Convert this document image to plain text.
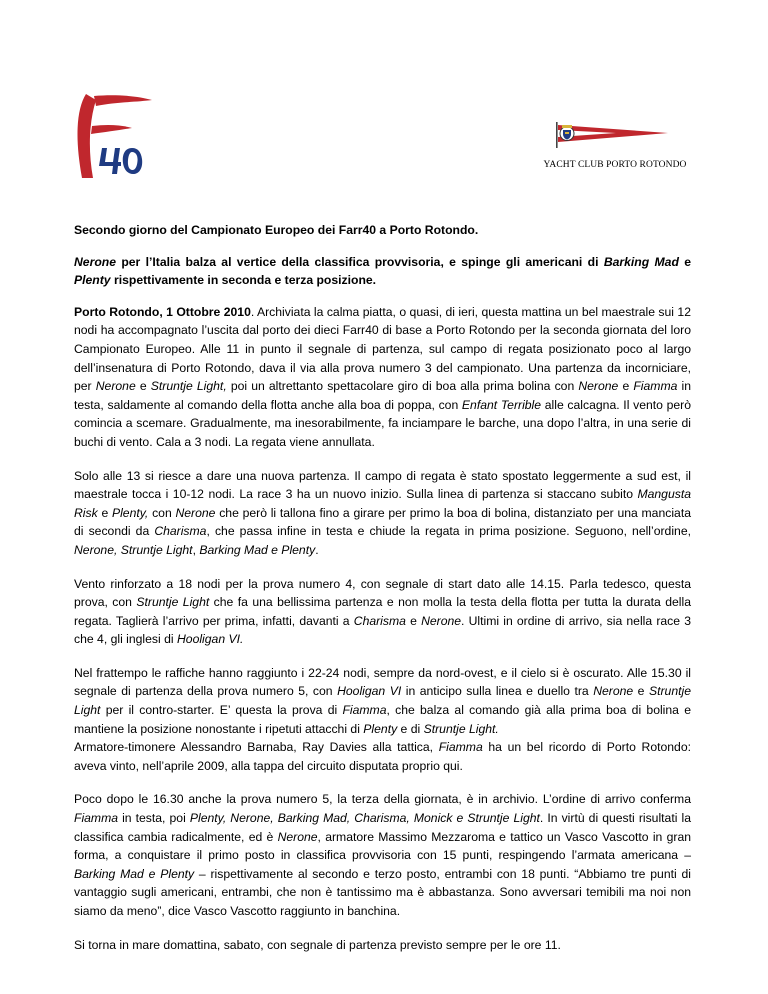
YACHT CLUB PORTO ROTONDO

Secondo giorno del Campionato Europeo dei Farr40 a Porto Rotondo.

Nerone per l’Italia balza al vertice della classifica provvisoria, e spinge gli americani di Barking Mad e Plenty rispettivamente in seconda e terza posizione.

Porto Rotondo, 1 Ottobre 2010. Archiviata la calma piatta, o quasi, di ieri, questa mattina un bel maestrale sui 12 nodi ha accompagnato l’uscita dal porto dei dieci Farr40 di base a Porto Rotondo per la seconda giornata del loro Campionato Europeo. Alle 11 in punto il segnale di partenza, sul campo di regata posizionato poco al largo dell’insenatura di Porto Rotondo, dava il via alla prova numero 3 del campionato. Una partenza da incorniciare, per Nerone e Struntje Light, poi un altrettanto spettacolare giro di boa alla prima bolina con Nerone e Fiamma in testa, saldamente al comando della flotta anche alla boa di poppa, con Enfant Terrible alle calcagna. Il vento però comincia a scemare. Gradualmente, ma inesorabilmente, fa inciampare le barche, una dopo l’altra, in una serie di buchi di vento. Cala a 3 nodi. La regata viene annullata.

Solo alle 13 si riesce a dare una nuova partenza. Il campo di regata è stato spostato leggermente a sud est, il maestrale tocca i 10-12 nodi. La race 3 ha un nuovo inizio. Sulla linea di partenza si staccano subito Mangusta Risk e Plenty, con Nerone che però li tallona fino a girare per primo la boa di bolina, distanziato per una manciata di secondi da Charisma, che passa infine in testa e chiude la regata in prima posizione. Seguono, nell’ordine, Nerone, Struntje Light, Barking Mad e Plenty.

Vento rinforzato a 18 nodi per la prova numero 4, con segnale di start dato alle 14.15. Parla tedesco, questa prova, con Struntje Light che fa una bellissima partenza e non molla la testa della flotta per tutta la durata della regata. Taglierà l’arrivo per prima, infatti, davanti a Charisma e Nerone. Ultimi in ordine di arrivo, sia nella race 3 che 4, gli inglesi di Hooligan VI.

Nel frattempo le raffiche hanno raggiunto i 22-24 nodi, sempre da nord-ovest, e il cielo si è oscurato. Alle 15.30 il segnale di partenza della prova numero 5, con Hooligan VI in anticipo sulla linea e duello tra Nerone e Struntje Light per il contro-starter. E’ questa la prova di Fiamma, che balza al comando già alla prima boa di bolina e mantiene la posizione nonostante i ripetuti attacchi di Plenty e di Struntje Light.

Armatore-timonere Alessandro Barnaba, Ray Davies alla tattica, Fiamma ha un bel ricordo di Porto Rotondo: aveva vinto, nell’aprile 2009, alla tappa del circuito disputata proprio qui.

Poco dopo le 16.30 anche la prova numero 5, la terza della giornata, è in archivio. L’ordine di arrivo conferma Fiamma in testa, poi Plenty, Nerone, Barking Mad, Charisma, Monick e Struntje Light. In virtù di questi risultati la classifica cambia radicalmente, ed è Nerone, armatore Massimo Mezzaroma e tattico un Vasco Vascotto in gran forma, a conquistare il primo posto in classifica provvisoria con 15 punti, respingendo l’armata americana – Barking Mad e Plenty – rispettivamente al secondo e terzo posto, entrambi con 18 punti. “Abbiamo tre punti di vantaggio sugli americani, entrambi, che non è tantissimo ma è abbastanza. Sono avversari temibili ma noi non siamo da meno”, dice Vasco Vascotto raggiunto in banchina.

Si torna in mare domattina, sabato, con segnale di partenza previsto sempre per le ore 11.
